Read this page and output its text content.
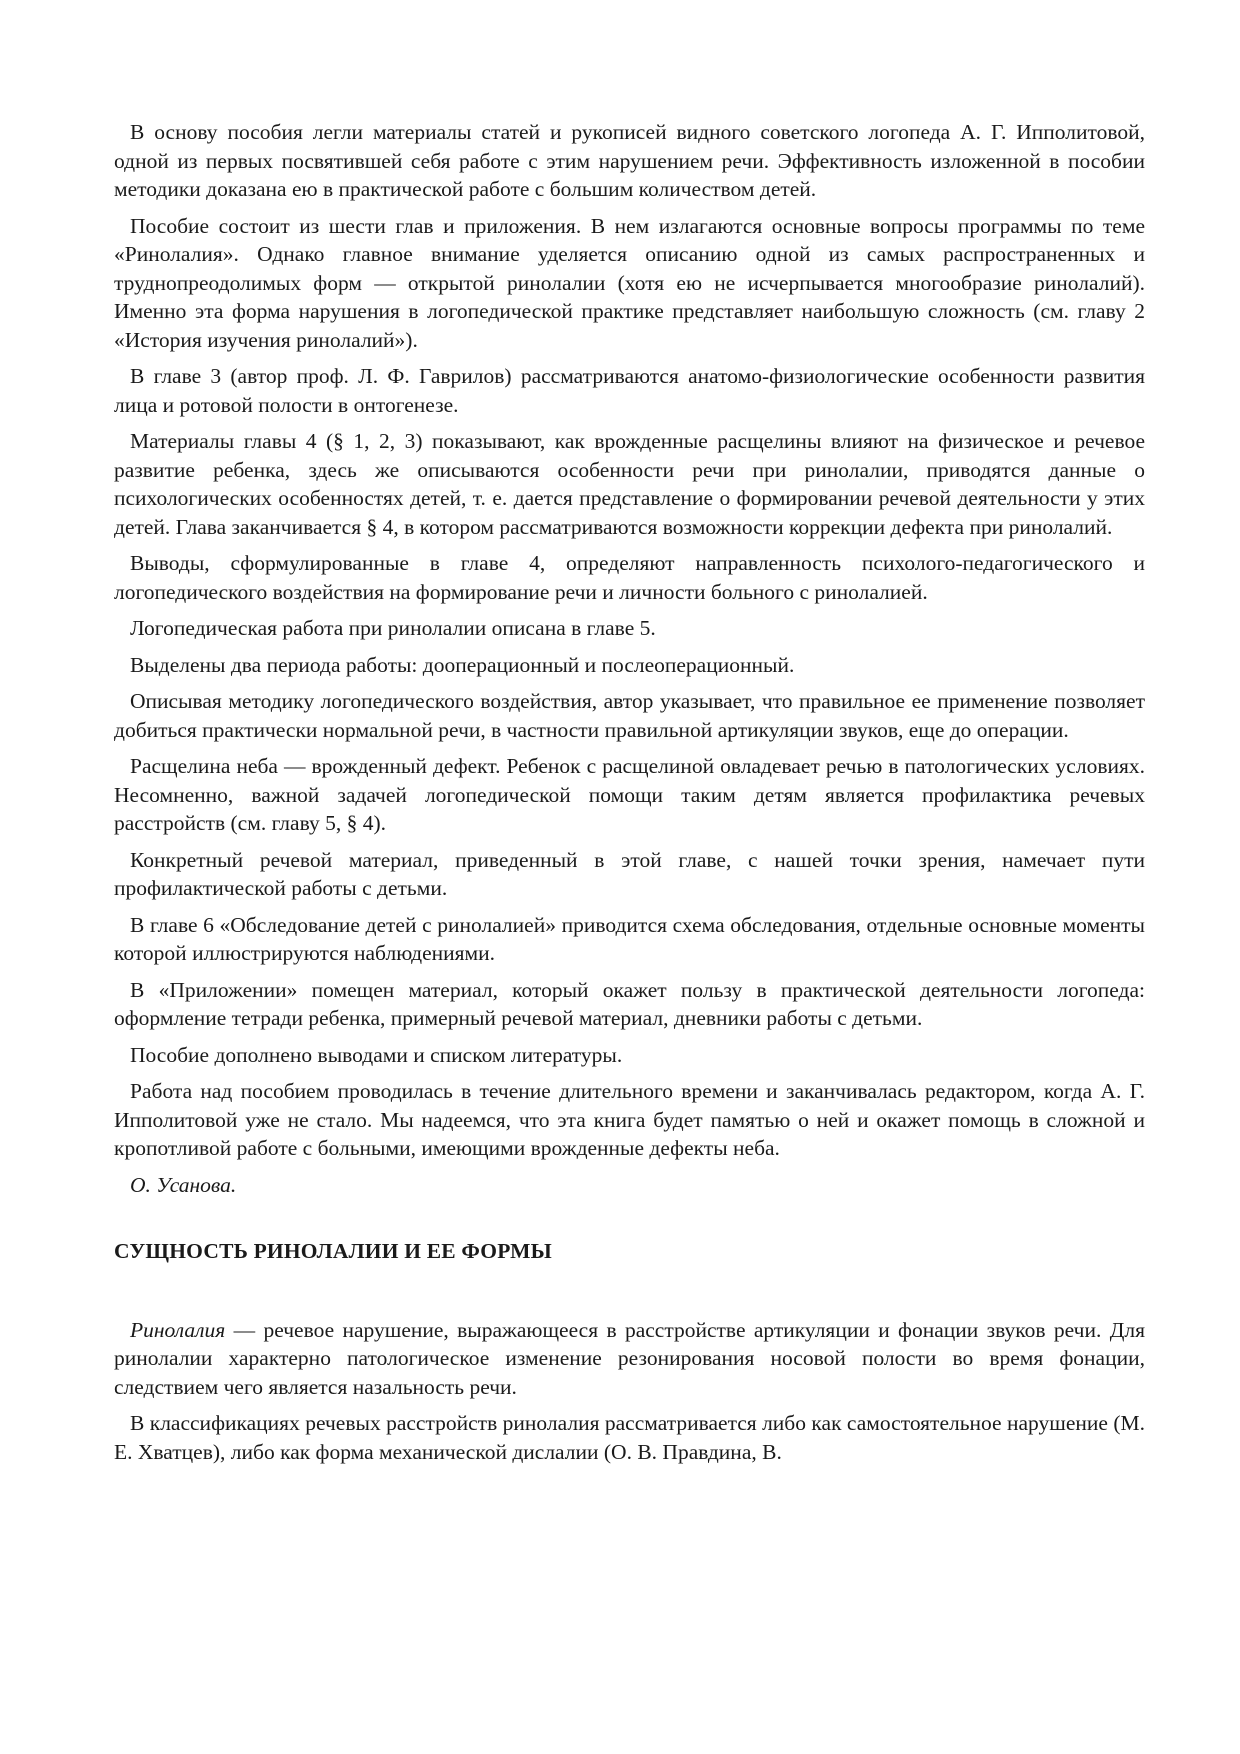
В основу пособия легли материалы статей и рукописей видного советского логопеда А. Г. Ипполитовой, одной из первых посвятившей себя работе с этим нарушением речи. Эффективность изложенной в пособии методики доказана ею в практической работе с большим количеством детей.

Пособие состоит из шести глав и приложения. В нем излагаются основные вопросы программы по теме «Ринолалия». Однако главное внимание уделяется описанию одной из самых распространенных и труднопреодолимых форм — открытой ринолалии (хотя ею не исчерпывается многообразие ринолалий). Именно эта форма нарушения в логопедической практике представляет наибольшую сложность (см. главу 2 «История изучения ринолалий»).

В главе 3 (автор проф. Л. Ф. Гаврилов) рассматриваются анатомо-физиологические особенности развития лица и ротовой полости в онтогенезе.

Материалы главы 4 (§ 1, 2, 3) показывают, как врожденные расщелины влияют на физическое и речевое развитие ребенка, здесь же описываются особенности речи при ринолалии, приводятся данные о психологических особенностях детей, т. е. дается представление о формировании речевой деятельности у этих детей. Глава заканчивается § 4, в котором рассматриваются возможности коррекции дефекта при ринолалий.

Выводы, сформулированные в главе 4, определяют направленность психолого-педагогического и логопедического воздействия на формирование речи и личности больного с ринолалией.

Логопедическая работа при ринолалии описана в главе 5.

Выделены два периода работы: дооперационный и послеоперационный.

Описывая методику логопедического воздействия, автор указывает, что правильное ее применение позволяет добиться практически нормальной речи, в частности правильной артикуляции звуков, еще до операции.

Расщелина неба — врожденный дефект. Ребенок с расщелиной овладевает речью в патологических условиях. Несомненно, важной задачей логопедической помощи таким детям является профилактика речевых расстройств (см. главу 5, § 4).

Конкретный речевой материал, приведенный в этой главе, с нашей точки зрения, намечает пути профилактической работы с детьми.

В главе 6 «Обследование детей с ринолалией» приводится схема обследования, отдельные основные моменты которой иллюстрируются наблюдениями.

В «Приложении» помещен материал, который окажет пользу в практической деятельности логопеда: оформление тетради ребенка, примерный речевой материал, дневники работы с детьми.

Пособие дополнено выводами и списком литературы.

Работа над пособием проводилась в течение длительного времени и заканчивалась редактором, когда А. Г. Ипполитовой уже не стало. Мы надеемся, что эта книга будет памятью о ней и окажет помощь в сложной и кропотливой работе с больными, имеющими врожденные дефекты неба.

О. Усанова.

СУЩНОСТЬ РИНОЛАЛИИ И ЕЕ ФОРМЫ

Ринолалия — речевое нарушение, выражающееся в расстройстве артикуляции и фонации звуков речи. Для ринолалии характерно патологическое изменение резонирования носовой полости во время фонации, следствием чего является назальность речи.

В классификациях речевых расстройств ринолалия рассматривается либо как самостоятельное нарушение (М. Е. Хватцев), либо как форма механической дислалии (О. В. Правдина, В.
